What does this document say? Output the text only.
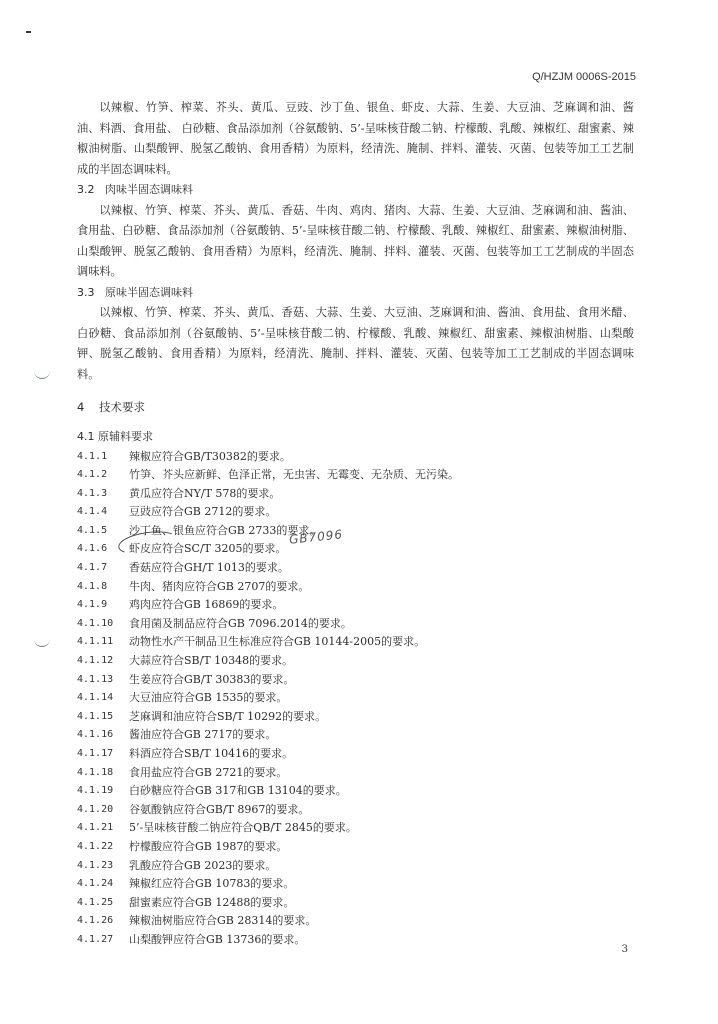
Q/HZJM 0006S-2015

以辣椒、竹笋、榨菜、芥头、黄瓜、豆豉、沙丁鱼、银鱼、虾皮、大蒜、生姜、大豆油、芝麻调和油、酱油、料酒、食用盐、 白砂糖、食品添加剂（谷氨酸钠、5’-呈味核苷酸二钠、柠檬酸、乳酸、辣椒红、甜蜜素、辣椒油树脂、山梨酸钾、脱氢乙酸钠、食用香精）为原料，经清洗、腌制、拌料、灌装、灭菌、包装等加工工艺制成的半固态调味料。

3.2 肉味半固态调味料

以辣椒、竹笋、榨菜、芥头、黄瓜、香菇、牛肉、鸡肉、猪肉、大蒜、生姜、大豆油、芝麻调和油、酱油、食用盐、白砂糖、食品添加剂（谷氨酸钠、5’-呈味核苷酸二钠、柠檬酸、乳酸、辣椒红、甜蜜素、辣椒油树脂、山梨酸钾、脱氢乙酸钠、食用香精）为原料，经清洗、腌制、拌料、灌装、灭菌、包装等加工工艺制成的半固态调味料。

3.3 原味半固态调味料

以辣椒、竹笋、榨菜、芥头、黄瓜、香菇、大蒜、生姜、大豆油、芝麻调和油、酱油、食用盐、食用米醋、白砂糖、食品添加剂（谷氨酸钠、5’-呈味核苷酸二钠、柠檬酸、乳酸、辣椒红、甜蜜素、辣椒油树脂、山梨酸钾、脱氢乙酸钠、食用香精）为原料，经清洗、腌制、拌料、灌装、灭菌、包装等加工工艺制成的半固态调味料。

4 技术要求

4.1 原辅料要求

4.1.1	辣椒应符合GB/T30382的要求。
4.1.2	竹笋、芥头应新鲜、色泽正常，无虫害、无霉变、无杂质、无污染。
4.1.3	黄瓜应符合NY/T 578的要求。
4.1.4	豆豉应符合GB 2712的要求。
4.1.5	沙丁鱼、银鱼应符合GB 2733的要求。
4.1.6	虾皮应符合SC/T 3205的要求。
4.1.7	香菇应符合GH/T 1013的要求。
4.1.8	牛肉、猪肉应符合GB 2707的要求。
4.1.9	鸡肉应符合GB 16869的要求。
4.1.10	食用菌及制品应符合GB 7096.2014的要求。
4.1.11	动物性水产干制品卫生标准应符合GB 10144-2005的要求。
4.1.12	大蒜应符合SB/T 10348的要求。
4.1.13	生姜应符合GB/T 30383的要求。
4.1.14	大豆油应符合GB 1535的要求。
4.1.15	芝麻调和油应符合SB/T 10292的要求。
4.1.16	酱油应符合GB 2717的要求。
4.1.17	料酒应符合SB/T 10416的要求。
4.1.18	食用盐应符合GB 2721的要求。
4.1.19	白砂糖应符合GB 317和GB 13104的要求。
4.1.20	谷氨酸钠应符合GB/T 8967的要求。
4.1.21	5’-呈味核苷酸二钠应符合QB/T 2845的要求。
4.1.22	柠檬酸应符合GB 1987的要求。
4.1.23	乳酸应符合GB 2023的要求。
4.1.24	辣椒红应符合GB 10783的要求。
4.1.25	甜蜜素应符合GB 12488的要求。
4.1.26	辣椒油树脂应符合GB 28314的要求。
4.1.27	山梨酸钾应符合GB 13736的要求。
GB7096
3
